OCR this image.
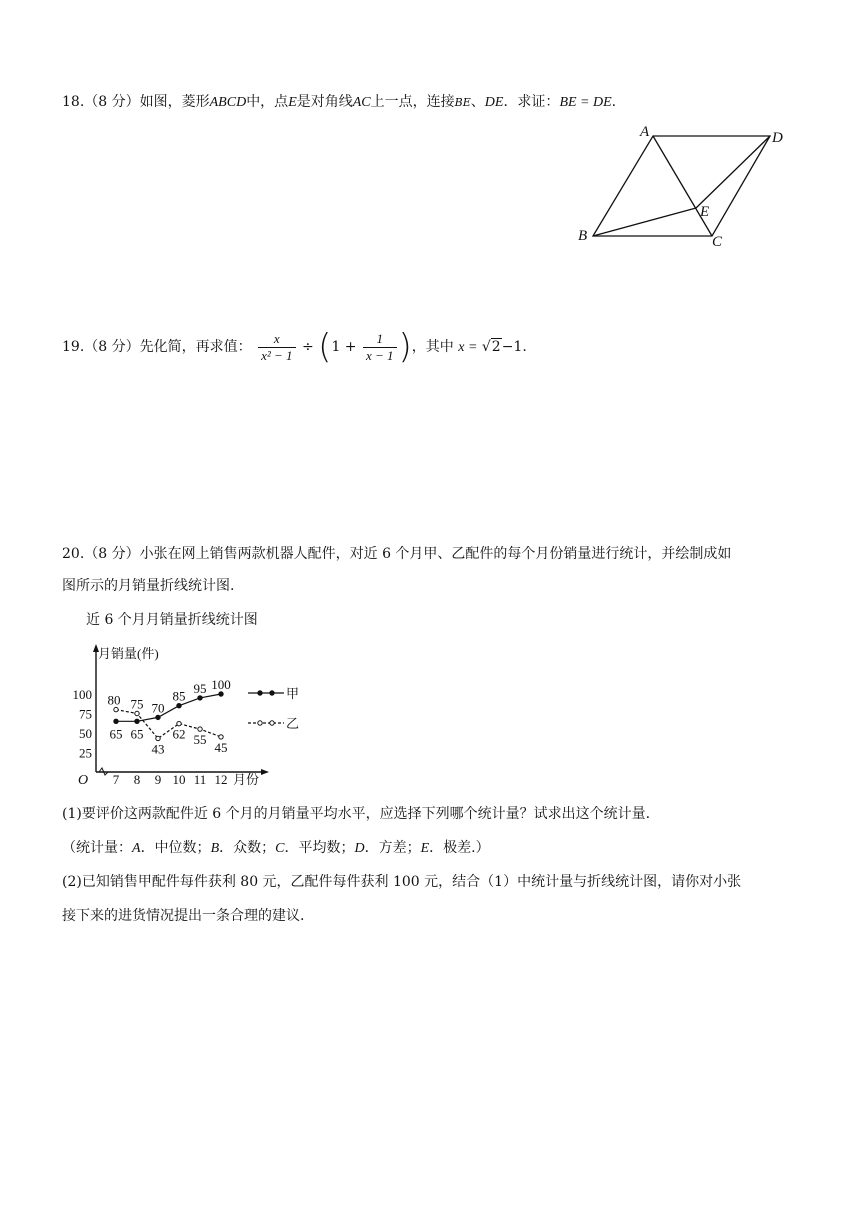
18.（8 分）如图，菱形ABCD中，点E是对角线AC上一点，连接BE、DE．求证：BE = DE.
A	D
E
B	C
19.（8 分）先化简，再求值： $\frac{x}{\text{x² − 1}} \div (1 + \frac{1}{x - 1}$ )，其中 x = √2−1.
20.（8 分）小张在网上销售两款机器人配件，对近 6 个月甲、乙配件的每个月份销量进行统计，并绘制成如
图所示的月销量折线统计图.
近 6 个月月销量折线统计图
月销量(件)
O	月份
7 8 9 10 11 12
25
50
75
100
65 65
70
85
95 100
80 75
43
62 55
45
甲
乙
(1)要评价这两款配件近 6 个月的月销量平均水平，应选择下列哪个统计量？试求出这个统计量.
（统计量：A．中位数；B．众数；C．平均数；D．方差；E．极差.）
(2)已知销售甲配件每件获利 80 元，乙配件每件获利 100 元，结合（1）中统计量与折线统计图，请你对小张
接下来的进货情况提出一条合理的建议.
